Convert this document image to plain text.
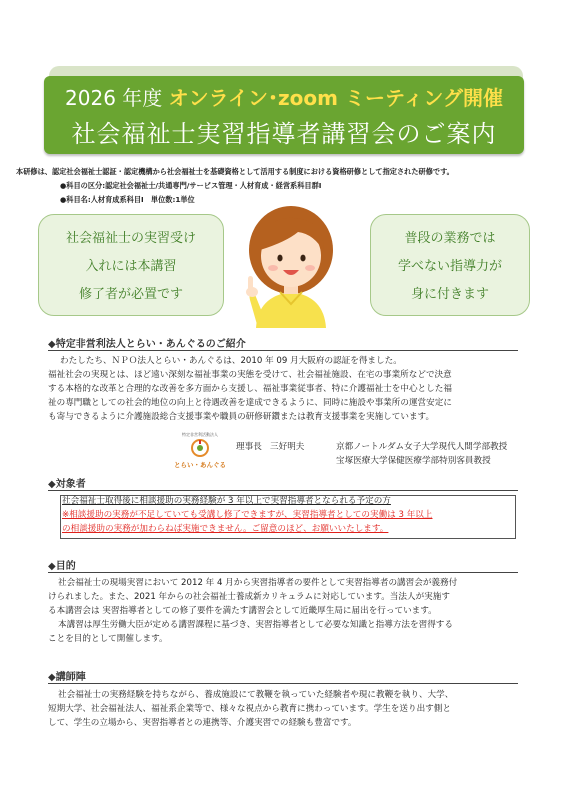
2026 年度 オンライン･zoom ミーティング開催
社会福祉士実習指導者講習会のご案内
本研修は、認定社会福祉士認証・認定機構から社会福祉士を基礎資格として活用する制度における資格研修として指定された研修です。
●科目の区分:認定社会福祉士/共通専門/サービス管理・人材育成・経営系科目群Ⅰ
●科目名:人材育成系科目Ⅰ　単位数:1単位
社会福祉士の実習受け
入れには本講習
修了者が必置です
普段の業務では
学べない指導力が
身に付きます
◆特定非営利法人とらい・あんぐるのご紹介
わたしたち、ＮＰＯ法人とらい・あんぐるは、2010 年 09 月大阪府の認証を得ました。
福祉社会の実現とは、ほど遠い深刻な福祉事業の実態を受けて、社会福祉施設、在宅の事業所などで決意
する本格的な改革と合理的な改善を多方面から支援し、福祉事業従事者、特に介護福祉士を中心とした福
祉の専門職としての社会的地位の向上と待遇改善を達成できるように、同時に施設や事業所の運営安定に
も寄与できるように介護施設総合支援事業や職員の研修研鑽または教育支援事業を実施しています。
特定非営利活動法人
とらい・あんぐる
理事長 三好明夫	京都ノートルダム女子大学現代人間学部教授
宝塚医療大学保健医療学部特別客員教授
◆対象者
社会福祉士取得後に相談援助の実務経験が 3 年以上で実習指導者となられる予定の方
※相談援助の実務が不足していても受講し修了できますが、実習指導者としての実働は 3 年以上
の相談援助の実務が加わらねば実施できません。ご留意のほど、お願いいたします。
◆目的
社会福祉士の現場実習において 2012 年 4 月から実習指導者の要件として実習指導者の講習会が義務付
けられました。また、2021 年からの社会福祉士養成新カリキュラムに対応しています。当法人が実施す
る本講習会は 実習指導者としての修了要件を満たす講習会として近畿厚生局に届出を行っています。
本講習は厚生労働大臣が定める講習課程に基づき、実習指導者として必要な知識と指導方法を習得する
ことを目的として開催します。
◆講師陣
社会福祉士の実務経験を持ちながら、養成施設にて教鞭を執っていた経験者や現に教鞭を執り、大学、
短期大学、社会福祉法人、福祉系企業等で、様々な視点から教育に携わっています。学生を送り出す側と
して、学生の立場から、実習指導者との連携等、介護実習での経験も豊富です。
